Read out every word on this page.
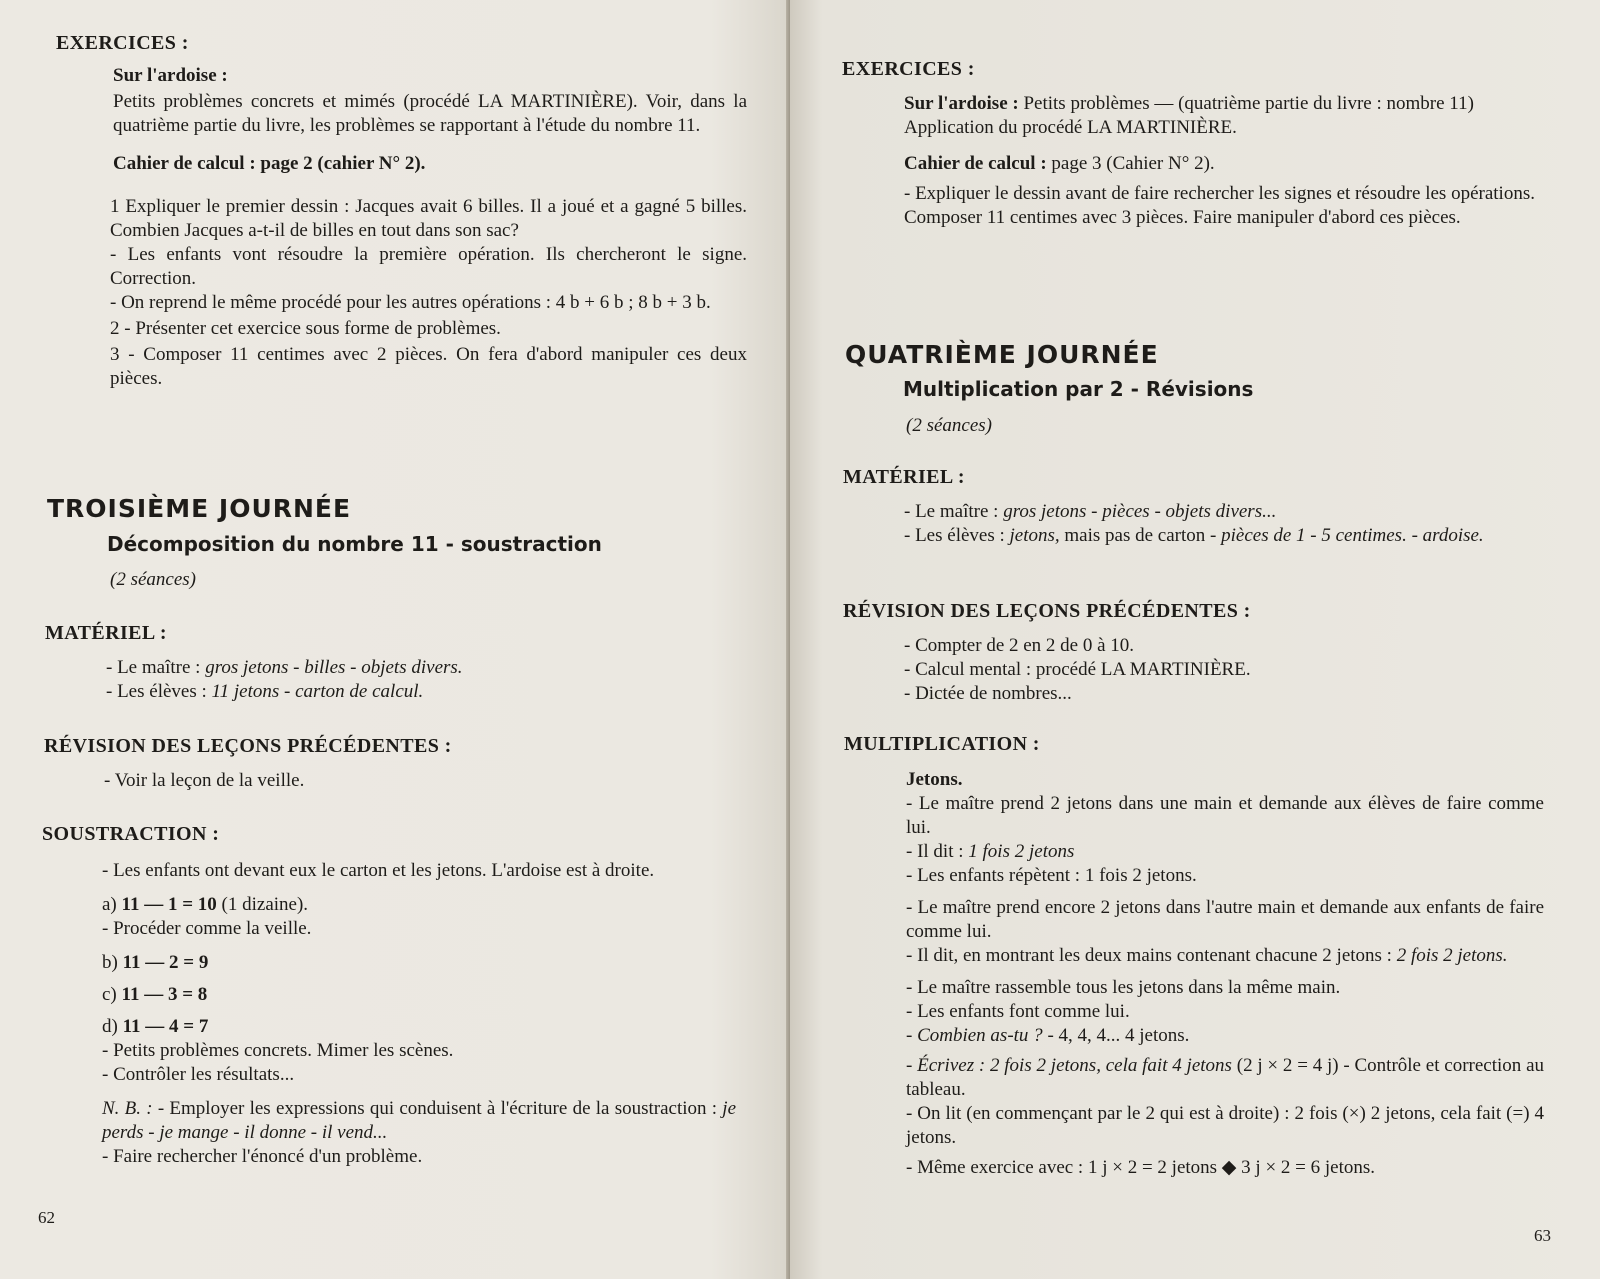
EXERCICES :

Sur l'ardoise :

Petits problèmes concrets et mimés (procédé LA MARTINIÈRE). Voir, dans la quatrième partie du livre, les problèmes se rapportant à l'étude du nombre 11.

Cahier de calcul : page 2 (cahier N° 2).

1 Expliquer le premier dessin : Jacques avait 6 billes. Il a joué et a gagné 5 billes. Combien Jacques a-t-il de billes en tout dans son sac?

- Les enfants vont résoudre la première opération. Ils chercheront le signe. Correction.

- On reprend le même procédé pour les autres opérations : 4 b + 6 b ; 8 b + 3 b.

2 - Présenter cet exercice sous forme de problèmes.

3 - Composer 11 centimes avec 2 pièces. On fera d'abord manipuler ces deux pièces.

TROISIÈME JOURNÉE
Décomposition du nombre 11 - soustraction
(2 séances)
MATÉRIEL :

- Le maître : gros jetons - billes - objets divers.

- Les élèves : 11 jetons - carton de calcul.

RÉVISION DES LEÇONS PRÉCÉDENTES :
- Voir la leçon de la veille.
SOUSTRACTION :

- Les enfants ont devant eux le carton et les jetons. L'ardoise est à droite.

a) 11 — 1 = 10 (1 dizaine).

- Procéder comme la veille.

b) 11 — 2 = 9

c) 11 — 3 = 8

d) 11 — 4 = 7

- Petits problèmes concrets. Mimer les scènes.

- Contrôler les résultats...

N. B. : - Employer les expressions qui conduisent à l'écriture de la soustraction : je perds - je mange - il donne - il vend...

- Faire rechercher l'énoncé d'un problème.

62
EXERCICES :

Sur l'ardoise : Petits problèmes — (quatrième partie du livre : nombre 11)

Application du procédé LA MARTINIÈRE.

Cahier de calcul : page 3 (Cahier N° 2).

- Expliquer le dessin avant de faire rechercher les signes et résoudre les opérations.

Composer 11 centimes avec 3 pièces. Faire manipuler d'abord ces pièces.

QUATRIÈME JOURNÉE
Multiplication par 2 - Révisions
(2 séances)
MATÉRIEL :

- Le maître : gros jetons - pièces - objets divers...

- Les élèves : jetons, mais pas de carton - pièces de 1 - 5 centimes. - ardoise.

RÉVISION DES LEÇONS PRÉCÉDENTES :

- Compter de 2 en 2 de 0 à 10.

- Calcul mental : procédé LA MARTINIÈRE.

- Dictée de nombres...

MULTIPLICATION :

Jetons.

- Le maître prend 2 jetons dans une main et demande aux élèves de faire comme lui.

- Il dit : 1 fois 2 jetons

- Les enfants répètent : 1 fois 2 jetons.

- Le maître prend encore 2 jetons dans l'autre main et demande aux enfants de faire comme lui.

- Il dit, en montrant les deux mains contenant chacune 2 jetons : 2 fois 2 jetons.

- Le maître rassemble tous les jetons dans la même main.

- Les enfants font comme lui.

- Combien as-tu ? - 4, 4, 4... 4 jetons.

- Écrivez : 2 fois 2 jetons, cela fait 4 jetons (2 j × 2 = 4 j) - Contrôle et correction au tableau.

- On lit (en commençant par le 2 qui est à droite) : 2 fois (×) 2 jetons, cela fait (=) 4 jetons.

- Même exercice avec : 1 j × 2 = 2 jetons ◆ 3 j × 2 = 6 jetons.

63
